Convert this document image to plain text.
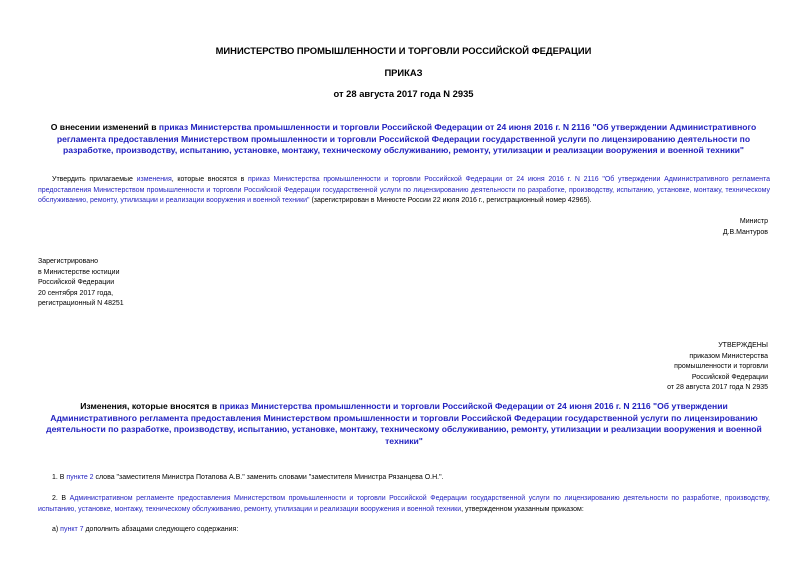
МИНИСТЕРСТВО ПРОМЫШЛЕННОСТИ И ТОРГОВЛИ РОССИЙСКОЙ ФЕДЕРАЦИИ
ПРИКАЗ
от 28 августа 2017 года N 2935
О внесении изменений в приказ Министерства промышленности и торговли Российской Федерации от 24 июня 2016 г. N 2116 "Об утверждении Административного регламента предоставления Министерством промышленности и торговли Российской Федерации государственной услуги по лицензированию деятельности по разработке, производству, испытанию, установке, монтажу, техническому обслуживанию, ремонту, утилизации и реализации вооружения и военной техники"
Утвердить прилагаемые изменения, которые вносятся в приказ Министерства промышленности и торговли Российской Федерации от 24 июня 2016 г. N 2116 "Об утверждении Административного регламента предоставления Министерством промышленности и торговли Российской Федерации государственной услуги по лицензированию деятельности по разработке, производству, испытанию, установке, монтажу, техническому обслуживанию, ремонту, утилизации и реализации вооружения и военной техники" (зарегистрирован в Минюсте России 22 июля 2016 г., регистрационный номер 42965).
Министр
Д.В.Мантуров
Зарегистрировано
в Министерстве юстиции
Российской Федерации
20 сентября 2017 года,
регистрационный N 48251
УТВЕРЖДЕНЫ
приказом Министерства
промышленности и торговли
Российской Федерации
от 28 августа 2017 года N 2935
Изменения, которые вносятся в приказ Министерства промышленности и торговли Российской Федерации от 24 июня 2016 г. N 2116 "Об утверждении Административного регламента предоставления Министерством промышленности и торговли Российской Федерации государственной услуги по лицензированию деятельности по разработке, производству, испытанию, установке, монтажу, техническому обслуживанию, ремонту, утилизации и реализации вооружения и военной техники"
1. В пункте 2 слова "заместителя Министра Потапова А.В." заменить словами "заместителя Министра Рязанцева О.Н.".
2. В Административном регламенте предоставления Министерством промышленности и торговли Российской Федерации государственной услуги по лицензированию деятельности по разработке, производству, испытанию, установке, монтажу, техническому обслуживанию, ремонту, утилизации и реализации вооружения и военной техники, утвержденном указанным приказом:
а) пункт 7 дополнить абзацами следующего содержания:
